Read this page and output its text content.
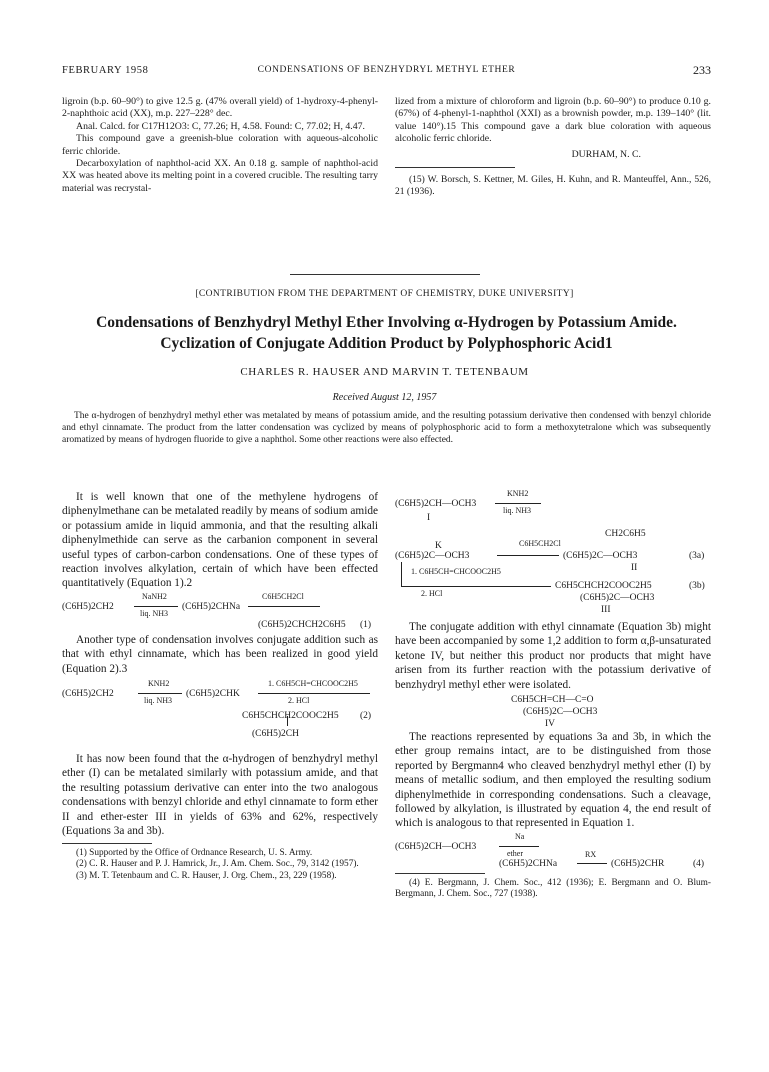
FEBRUARY 1958	CONDENSATIONS OF BENZHYDRYL METHYL ETHER	233

ligroin (b.p. 60–90°) to give 12.5 g. (47% overall yield) of 1-hydroxy-4-phenyl-2-naphthoic acid (XX), m.p. 227–228° dec.

Anal. Calcd. for C17H12O3: C, 77.26; H, 4.58. Found: C, 77.02; H, 4.47.

This compound gave a greenish-blue coloration with aqueous-alcoholic ferric chloride.

Decarboxylation of naphthol-acid XX. An 0.18 g. sample of naphthol-acid XX was heated above its melting point in a covered crucible. The resulting tarry material was recrystal-

lized from a mixture of chloroform and ligroin (b.p. 60–90°) to produce 0.10 g. (67%) of 4-phenyl-1-naphthol (XXI) as a brownish powder, m.p. 139–140° (lit. value 140°).15 This compound gave a dark blue coloration with aqueous alcoholic ferric chloride.

DURHAM, N. C.

(15) W. Borsch, S. Kettner, M. Giles, H. Kuhn, and R. Manteuffel, Ann., 526, 21 (1936).

[CONTRIBUTION FROM THE DEPARTMENT OF CHEMISTRY, DUKE UNIVERSITY]
Condensations of Benzhydryl Methyl Ether Involving α-Hydrogen by Potassium Amide. Cyclization of Conjugate Addition Product by Polyphosphoric Acid1
CHARLES R. HAUSER AND MARVIN T. TETENBAUM
Received August 12, 1957
The α-hydrogen of benzhydryl methyl ether was metalated by means of potassium amide, and the resulting potassium derivative then condensed with benzyl chloride and ethyl cinnamate. The product from the latter condensation was cyclized by means of polyphosphoric acid to form a methoxytetralone which was subsequently aromatized by means of hydrogen fluoride to give a naphthol. Some other reactions were also effected.

It is well known that one of the methylene hydrogens of diphenylmethane can be metalated readily by means of sodium amide or potassium amide in liquid ammonia, and that the resulting alkali diphenylmethide can serve as the carbanion component in several useful types of carbon-carbon condensations. One of these types of reaction involves alkylation, certain of which have been effected quantitatively (Equation 1).2

(C6H5)2CH2
NaNH2
liq. NH3
(C6H5)2CHNa
C6H5CH2Cl
(C6H5)2CHCH2C6H5 (1)

Another type of condensation involves conjugate addition such as that with ethyl cinnamate, which has been realized in good yield (Equation 2).3

(C6H5)2CH2
KNH2
liq. NH3
(C6H5)2CHK
1. C6H5CH=CHCOOC2H5
2. HCl
C6H5CHCH2COOC2H5
(C6H5)2CH
(2)

It has now been found that the α-hydrogen of benzhydryl methyl ether (I) can be metalated similarly with potassium amide, and that the resulting potassium derivative can enter into the two analogous condensations with benzyl chloride and ethyl cinnamate to form ether II and ether-ester III in yields of 63% and 62%, respectively (Equations 3a and 3b).

(1) Supported by the Office of Ordnance Research, U. S. Army.

(2) C. R. Hauser and P. J. Hamrick, Jr., J. Am. Chem. Soc., 79, 3142 (1957).

(3) M. T. Tetenbaum and C. R. Hauser, J. Org. Chem., 23, 229 (1958).

(C6H5)2CH—OCH3
KNH2
liq. NH3
I
CH2C6H5
K	C6H5CH2Cl
(C6H5)2C—OCH3	(C6H5)2C—OCH3
II
(3a)
1. C6H5CH=CHCOOC2H5
2. HCl
C6H5CHCH2COOC2H5	(3b)
(C6H5)2C—OCH3
III

The conjugate addition with ethyl cinnamate (Equation 3b) might have been accompanied by some 1,2 addition to form α,β-unsaturated ketone IV, but neither this product nor products that might have arisen from its further reaction with the potassium derivative of benzhydryl methyl ether were isolated.

C6H5CH=CH—C=O
(C6H5)2C—OCH3
IV

The reactions represented by equations 3a and 3b, in which the ether group remains intact, are to be distinguished from those reported by Bergmann4 who cleaved benzhydryl methyl ether (I) by means of metallic sodium, and then employed the resulting sodium diphenylmethide in corresponding condensations. Such a cleavage, followed by alkylation, is illustrated by equation 4, the end result of which is analogous to that represented in Equation 1.

Na
(C6H5)2CH—OCH3
ether	RX
(C6H5)2CHNa	(C6H5)2CHR	(4)

(4) E. Bergmann, J. Chem. Soc., 412 (1936); E. Bergmann and O. Blum-Bergmann, J. Chem. Soc., 727 (1938).
